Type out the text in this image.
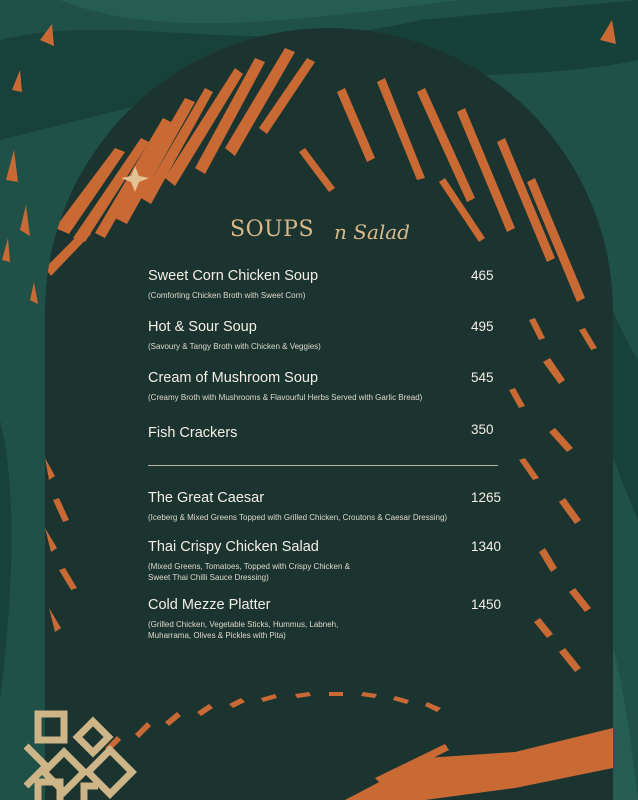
SOUPS n Salad
Sweet Corn Chicken Soup	465
(Comforting Chicken Broth with Sweet Corn)
Hot & Sour Soup	495
(Savoury & Tangy Broth with Chicken & Veggies)
Cream of Mushroom Soup	545
(Creamy Broth with Mushrooms & Flavourful Herbs Served with Garlic Bread)
Fish Crackers	350
The Great Caesar	1265
(Iceberg & Mixed Greens Topped with Grilled Chicken, Croutons & Caesar Dressing)
Thai Crispy Chicken Salad	1340
(Mixed Greens, Tomatoes, Topped with Crispy Chicken & Sweet Thai Chilli Sauce Dressing)
Cold Mezze Platter	1450
(Grilled Chicken, Vegetable Sticks, Hummus, Labneh, Muharrama, Olives & Pickles with Pita)
